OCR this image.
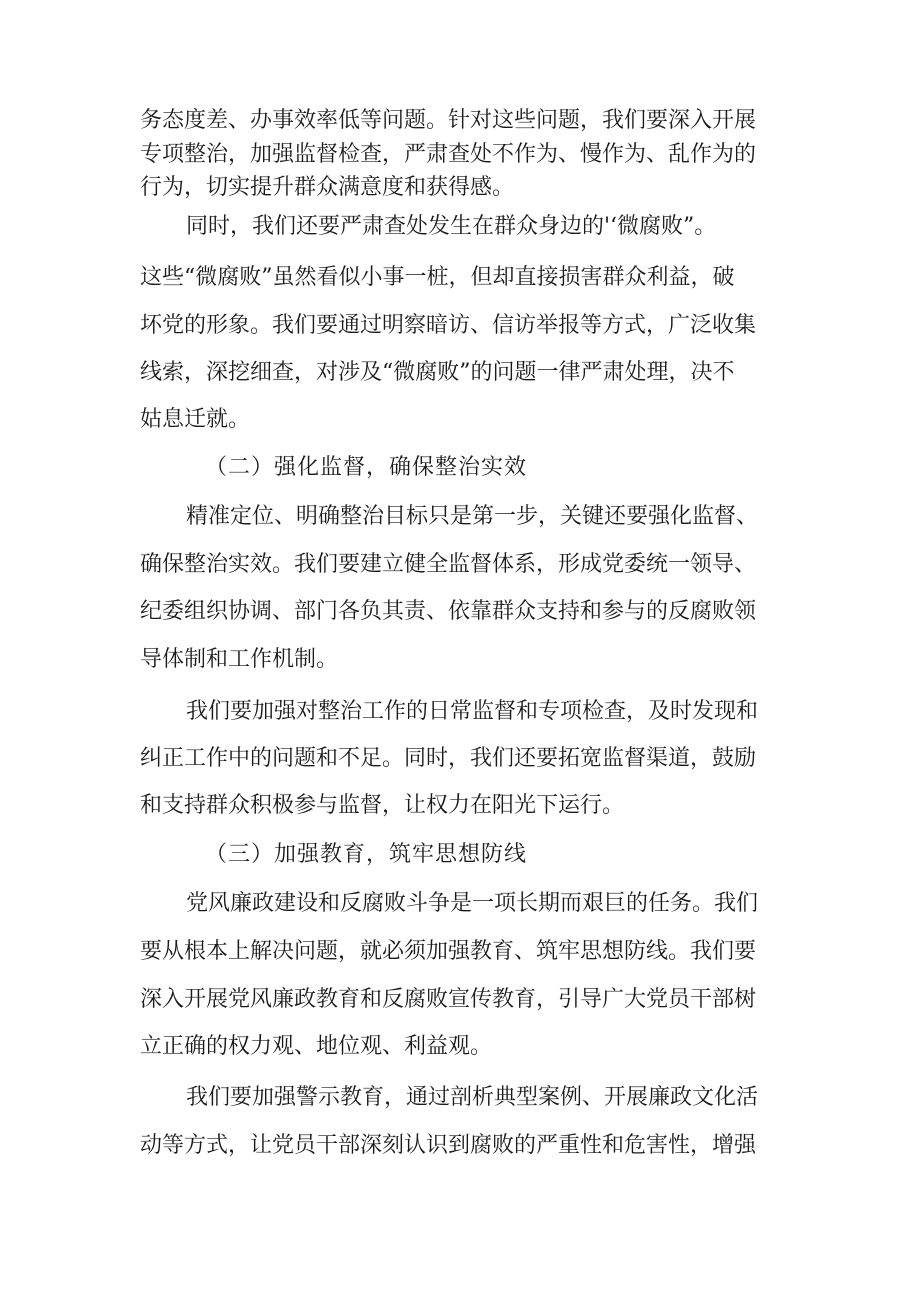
务态度差、办事效率低等问题。针对这些问题，我们要深入开展

专项整治，加强监督检查，严肃查处不作为、慢作为、乱作为的

行为，切实提升群众满意度和获得感。

同时，我们还要严肃查处发生在群众身边的'‘微腐败”。

这些“微腐败”虽然看似小事一桩，但却直接损害群众利益，破

坏党的形象。我们要通过明察暗访、信访举报等方式，广泛收集

线索，深挖细查，对涉及“微腐败”的问题一律严肃处理，决不

姑息迁就。

（二）强化监督，确保整治实效

精准定位、明确整治目标只是第一步，关键还要强化监督、

确保整治实效。我们要建立健全监督体系，形成党委统一领导、

纪委组织协调、部门各负其责、依靠群众支持和参与的反腐败领

导体制和工作机制。

我们要加强对整治工作的日常监督和专项检查，及时发现和

纠正工作中的问题和不足。同时，我们还要拓宽监督渠道，鼓励

和支持群众积极参与监督，让权力在阳光下运行。

（三）加强教育，筑牢思想防线

党风廉政建设和反腐败斗争是一项长期而艰巨的任务。我们

要从根本上解决问题，就必须加强教育、筑牢思想防线。我们要

深入开展党风廉政教育和反腐败宣传教育，引导广大党员干部树

立正确的权力观、地位观、利益观。

我们要加强警示教育，通过剖析典型案例、开展廉政文化活

动等方式，让党员干部深刻认识到腐败的严重性和危害性，增强
